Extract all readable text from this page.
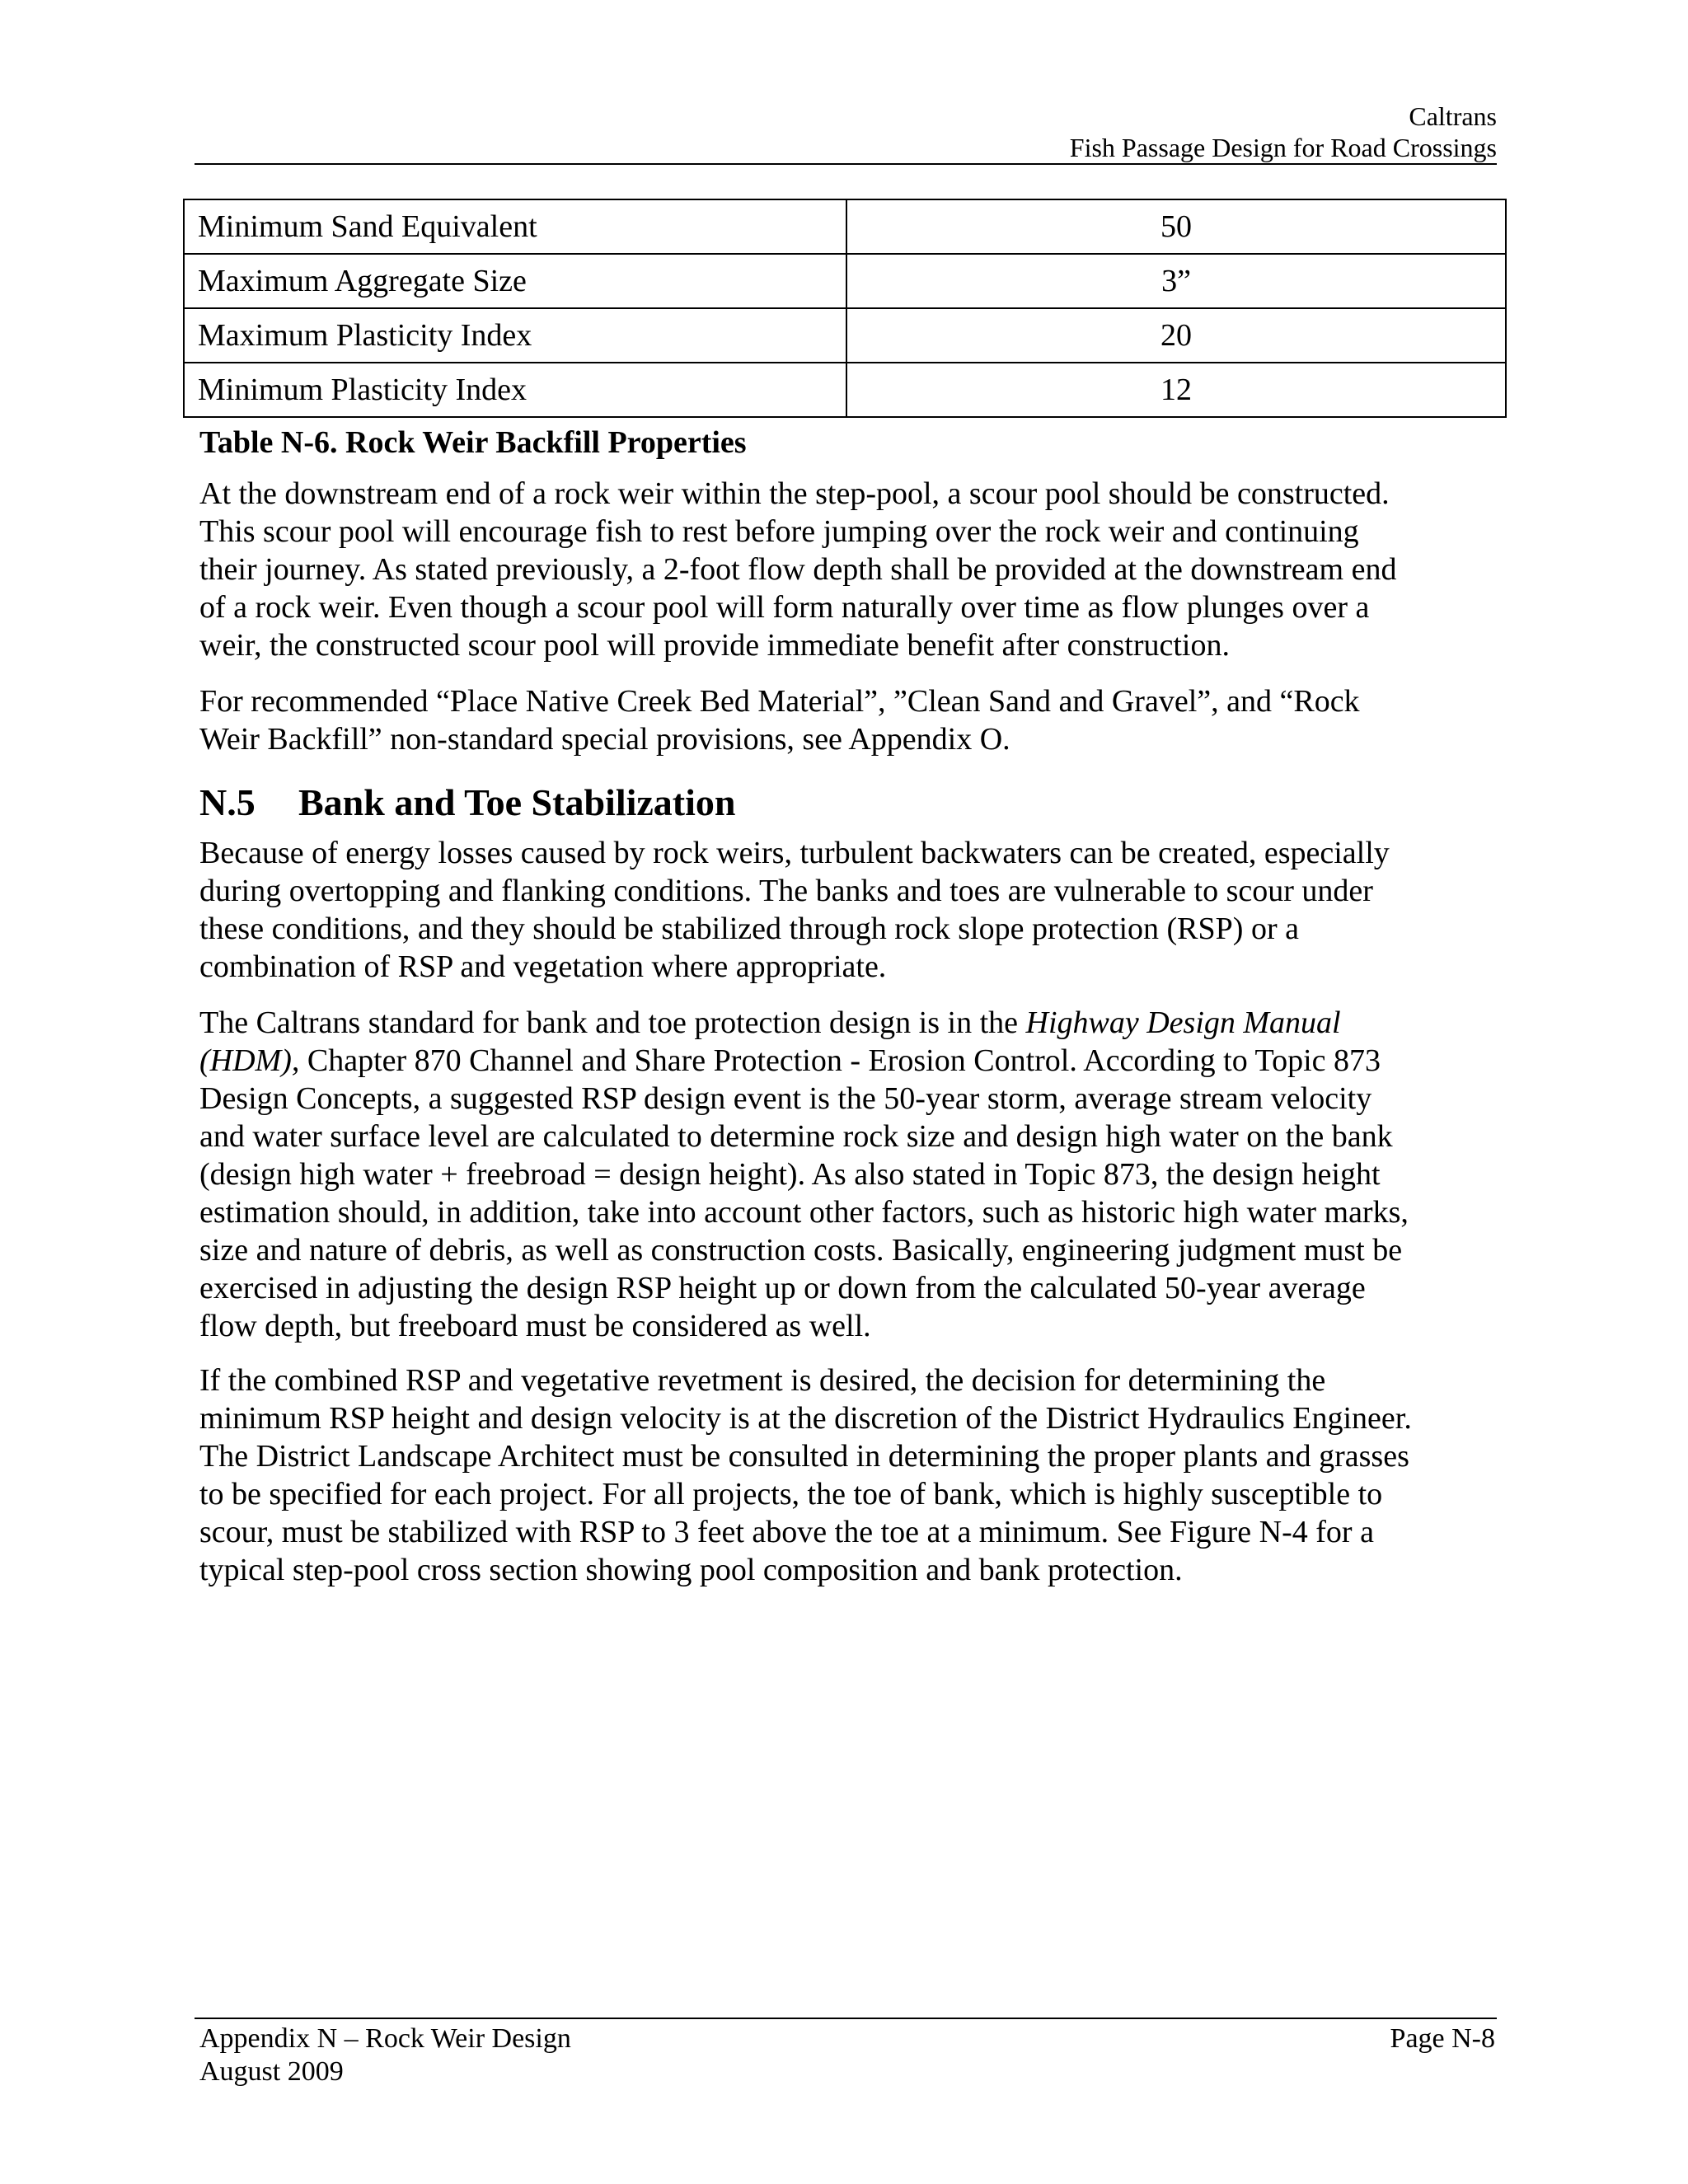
Caltrans
Fish Passage Design for Road Crossings
Minimum Sand Equivalent	50
Maximum Aggregate Size	3”
Maximum Plasticity Index	20
Minimum Plasticity Index	12
Table N-6. Rock Weir Backfill Properties

At the downstream end of a rock weir within the step-pool, a scour pool should be constructed.
This scour pool will encourage fish to rest before jumping over the rock weir and continuing
their journey. As stated previously, a 2-foot flow depth shall be provided at the downstream end
of a rock weir. Even though a scour pool will form naturally over time as flow plunges over a
weir, the constructed scour pool will provide immediate benefit after construction.

For recommended “Place Native Creek Bed Material”, ”Clean Sand and Gravel”, and “Rock
Weir Backfill” non-standard special provisions, see Appendix O.

N.5 Bank and Toe Stabilization

Because of energy losses caused by rock weirs, turbulent backwaters can be created, especially
during overtopping and flanking conditions. The banks and toes are vulnerable to scour under
these conditions, and they should be stabilized through rock slope protection (RSP) or a
combination of RSP and vegetation where appropriate.

The Caltrans standard for bank and toe protection design is in the Highway Design Manual
(HDM), Chapter 870 Channel and Share Protection - Erosion Control. According to Topic 873
Design Concepts, a suggested RSP design event is the 50-year storm, average stream velocity
and water surface level are calculated to determine rock size and design high water on the bank
(design high water + freebroad = design height). As also stated in Topic 873, the design height
estimation should, in addition, take into account other factors, such as historic high water marks,
size and nature of debris, as well as construction costs. Basically, engineering judgment must be
exercised in adjusting the design RSP height up or down from the calculated 50-year average
flow depth, but freeboard must be considered as well.

If the combined RSP and vegetative revetment is desired, the decision for determining the
minimum RSP height and design velocity is at the discretion of the District Hydraulics Engineer.
The District Landscape Architect must be consulted in determining the proper plants and grasses
to be specified for each project. For all projects, the toe of bank, which is highly susceptible to
scour, must be stabilized with RSP to 3 feet above the toe at a minimum. See Figure N-4 for a
typical step-pool cross section showing pool composition and bank protection.

Appendix N – Rock Weir Design
August 2009
Page N-8
